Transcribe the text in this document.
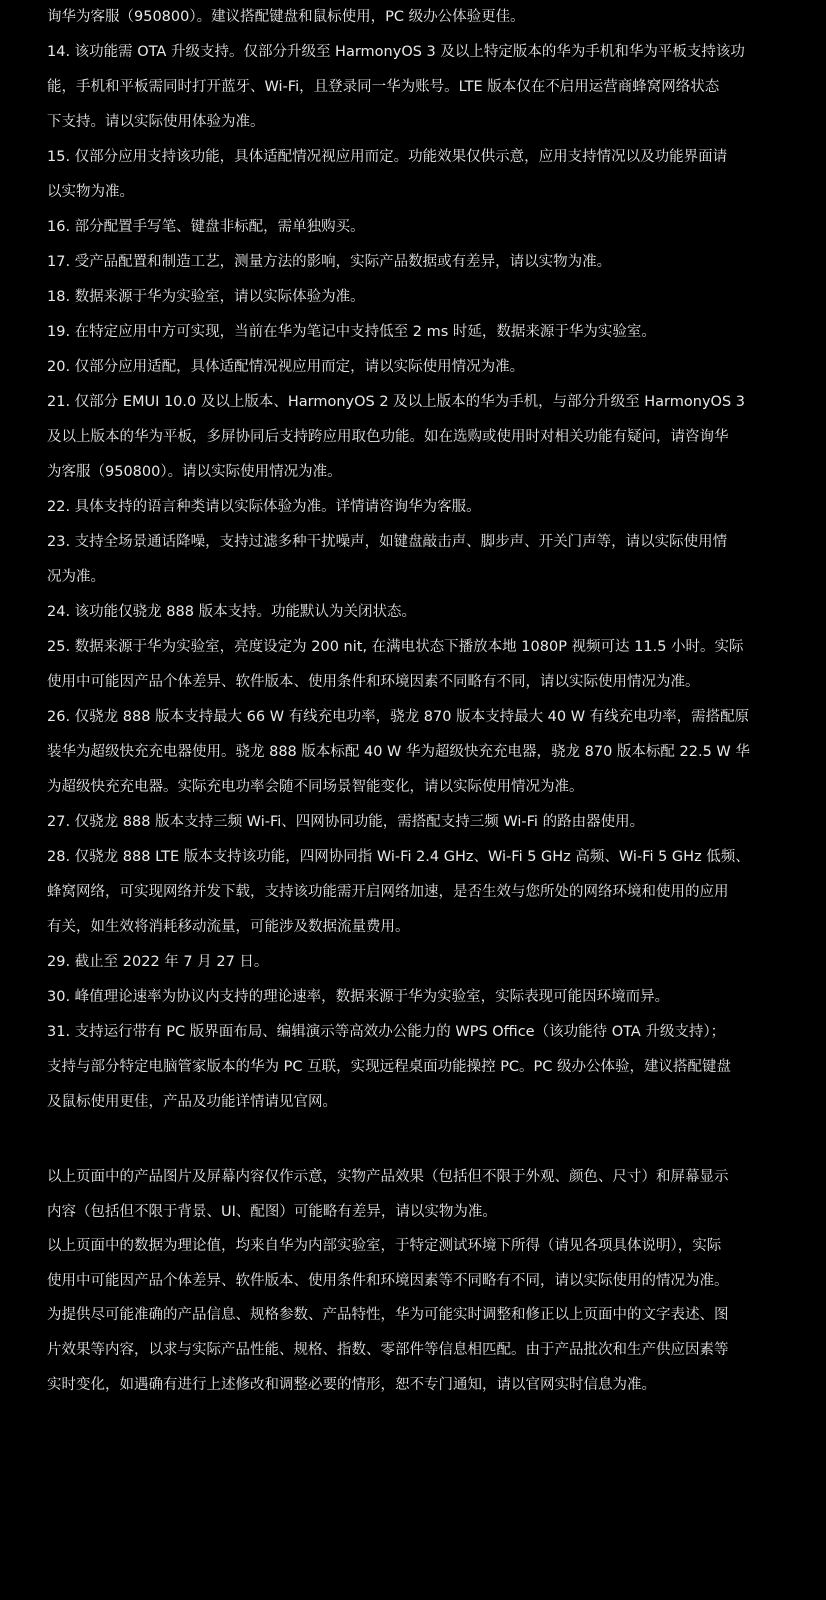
询华为客服（950800）。建议搭配键盘和鼠标使用，PC 级办公体验更佳。

14. 该功能需 OTA 升级支持。仅部分升级至 HarmonyOS 3 及以上特定版本的华为手机和华为平板支持该功

能，手机和平板需同时打开蓝牙、Wi-Fi，且登录同一华为账号。LTE 版本仅在不启用运营商蜂窝网络状态

下支持。请以实际使用体验为准。

15. 仅部分应用支持该功能，具体适配情况视应用而定。功能效果仅供示意，应用支持情况以及功能界面请

以实物为准。

16. 部分配置手写笔、键盘非标配，需单独购买。

17. 受产品配置和制造工艺，测量方法的影响，实际产品数据或有差异，请以实物为准。

18. 数据来源于华为实验室，请以实际体验为准。

19. 在特定应用中方可实现，当前在华为笔记中支持低至 2 ms 时延，数据来源于华为实验室。

20. 仅部分应用适配，具体适配情况视应用而定，请以实际使用情况为准。

21. 仅部分 EMUI 10.0 及以上版本、HarmonyOS 2 及以上版本的华为手机，与部分升级至 HarmonyOS 3

及以上版本的华为平板，多屏协同后支持跨应用取色功能。如在选购或使用时对相关功能有疑问，请咨询华

为客服（950800）。请以实际使用情况为准。

22. 具体支持的语言种类请以实际体验为准。详情请咨询华为客服。

23. 支持全场景通话降噪，支持过滤多种干扰噪声，如键盘敲击声、脚步声、开关门声等，请以实际使用情

况为准。

24. 该功能仅骁龙 888 版本支持。功能默认为关闭状态。

25. 数据来源于华为实验室，亮度设定为 200 nit, 在满电状态下播放本地 1080P 视频可达 11.5 小时。实际

使用中可能因产品个体差异、软件版本、使用条件和环境因素不同略有不同，请以实际使用情况为准。

26. 仅骁龙 888 版本支持最大 66 W 有线充电功率，骁龙 870 版本支持最大 40 W 有线充电功率，需搭配原

装华为超级快充充电器使用。骁龙 888 版本标配 40 W 华为超级快充充电器，骁龙 870 版本标配 22.5 W 华

为超级快充充电器。实际充电功率会随不同场景智能变化，请以实际使用情况为准。

27. 仅骁龙 888 版本支持三频 Wi-Fi、四网协同功能，需搭配支持三频 Wi-Fi 的路由器使用。

28. 仅骁龙 888 LTE 版本支持该功能，四网协同指 Wi-Fi 2.4 GHz、Wi-Fi 5 GHz 高频、Wi-Fi 5 GHz 低频、

蜂窝网络，可实现网络并发下载，支持该功能需开启网络加速，是否生效与您所处的网络环境和使用的应用

有关，如生效将消耗移动流量，可能涉及数据流量费用。

29. 截止至 2022 年 7 月 27 日。

30. 峰值理论速率为协议内支持的理论速率，数据来源于华为实验室，实际表现可能因环境而异。

31. 支持运行带有 PC 版界面布局、编辑演示等高效办公能力的 WPS Office（该功能待 OTA 升级支持）；

支持与部分特定电脑管家版本的华为 PC 互联，实现远程桌面功能操控 PC。PC 级办公体验，建议搭配键盘

及鼠标使用更佳，产品及功能详情请见官网。

以上页面中的产品图片及屏幕内容仅作示意，实物产品效果（包括但不限于外观、颜色、尺寸）和屏幕显示

内容（包括但不限于背景、UI、配图）可能略有差异，请以实物为准。

以上页面中的数据为理论值，均来自华为内部实验室，于特定测试环境下所得（请见各项具体说明），实际

使用中可能因产品个体差异、软件版本、使用条件和环境因素等不同略有不同，请以实际使用的情况为准。

为提供尽可能准确的产品信息、规格参数、产品特性，华为可能实时调整和修正以上页面中的文字表述、图

片效果等内容，以求与实际产品性能、规格、指数、零部件等信息相匹配。由于产品批次和生产供应因素等

实时变化，如遇确有进行上述修改和调整必要的情形，恕不专门通知，请以官网实时信息为准。
